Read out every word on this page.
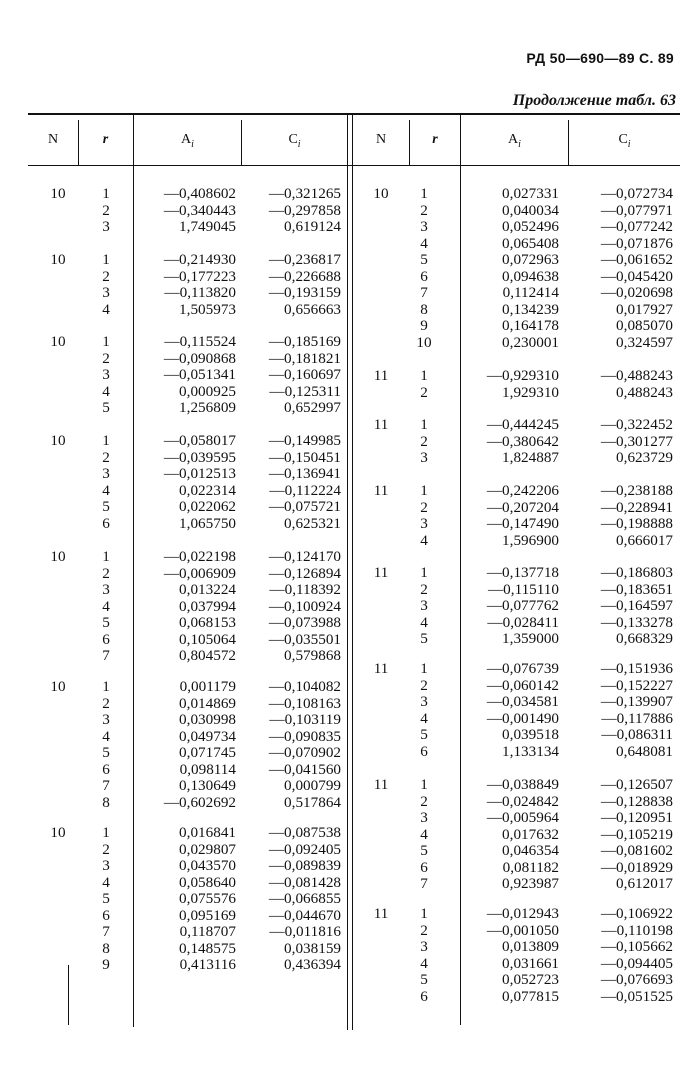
РД 50—690—89 С. 89
Продолжение табл. 63
N	r	$A_i$	$C_i$	N	r	$A_i$	$C_i$
10	1	—0,408602	—0,321265
2	—0,340443	—0,297858
3	1,749045	0,619124
10	1	—0,214930	—0,236817
2	—0,177223	—0,226688
3	—0,113820	—0,193159
4	1,505973	0,656663
10	1	—0,115524	—0,185169
2	—0,090868	—0,181821
3	—0,051341	—0,160697
4	0,000925	—0,125311
5	1,256809	0,652997
10	1	—0,058017	—0,149985
2	—0,039595	—0,150451
3	—0,012513	—0,136941
4	0,022314	—0,112224
5	0,022062	—0,075721
6	1,065750	0,625321
10	1	—0,022198	—0,124170
2	—0,006909	—0,126894
3	0,013224	—0,118392
4	0,037994	—0,100924
5	0,068153	—0,073988
6	0,105064	—0,035501
7	0,804572	0,579868
10	1	0,001179	—0,104082
2	0,014869	—0,108163
3	0,030998	—0,103119
4	0,049734	—0,090835
5	0,071745	—0,070902
6	0,098114	—0,041560
7	0,130649	0,000799
8	—0,602692	0,517864
10	1	0,016841	—0,087538
2	0,029807	—0,092405
3	0,043570	—0,089839
4	0,058640	—0,081428
5	0,075576	—0,066855
6	0,095169	—0,044670
7	0,118707	—0,011816
8	0,148575	0,038159
9	0,413116	0,436394
10	1	0,027331	—0,072734
2	0,040034	—0,077971
3	0,052496	—0,077242
4	0,065408	—0,071876
5	0,072963	—0,061652
6	0,094638	—0,045420
7	0,112414	—0,020698
8	0,134239	0,017927
9	0,164178	0,085070
10	0,230001	0,324597
11	1	—0,929310	—0,488243
2	1,929310	0,488243
11	1	—0,444245	—0,322452
2	—0,380642	—0,301277
3	1,824887	0,623729
11	1	—0,242206	—0,238188
2	—0,207204	—0,228941
3	—0,147490	—0,198888
4	1,596900	0,666017
11	1	—0,137718	—0,186803
2	—0,115110	—0,183651
3	—0,077762	—0,164597
4	—0,028411	—0,133278
5	1,359000	0,668329
11	1	—0,076739	—0,151936
2	—0,060142	—0,152227
3	—0,034581	—0,139907
4	—0,001490	—0,117886
5	0,039518	—0,086311
6	1,133134	0,648081
11	1	—0,038849	—0,126507
2	—0,024842	—0,128838
3	—0,005964	—0,120951
4	0,017632	—0,105219
5	0,046354	—0,081602
6	0,081182	—0,018929
7	0,923987	0,612017
11	1	—0,012943	—0,106922
2	—0,001050	—0,110198
3	0,013809	—0,105662
4	0,031661	—0,094405
5	0,052723	—0,076693
6	0,077815	—0,051525
